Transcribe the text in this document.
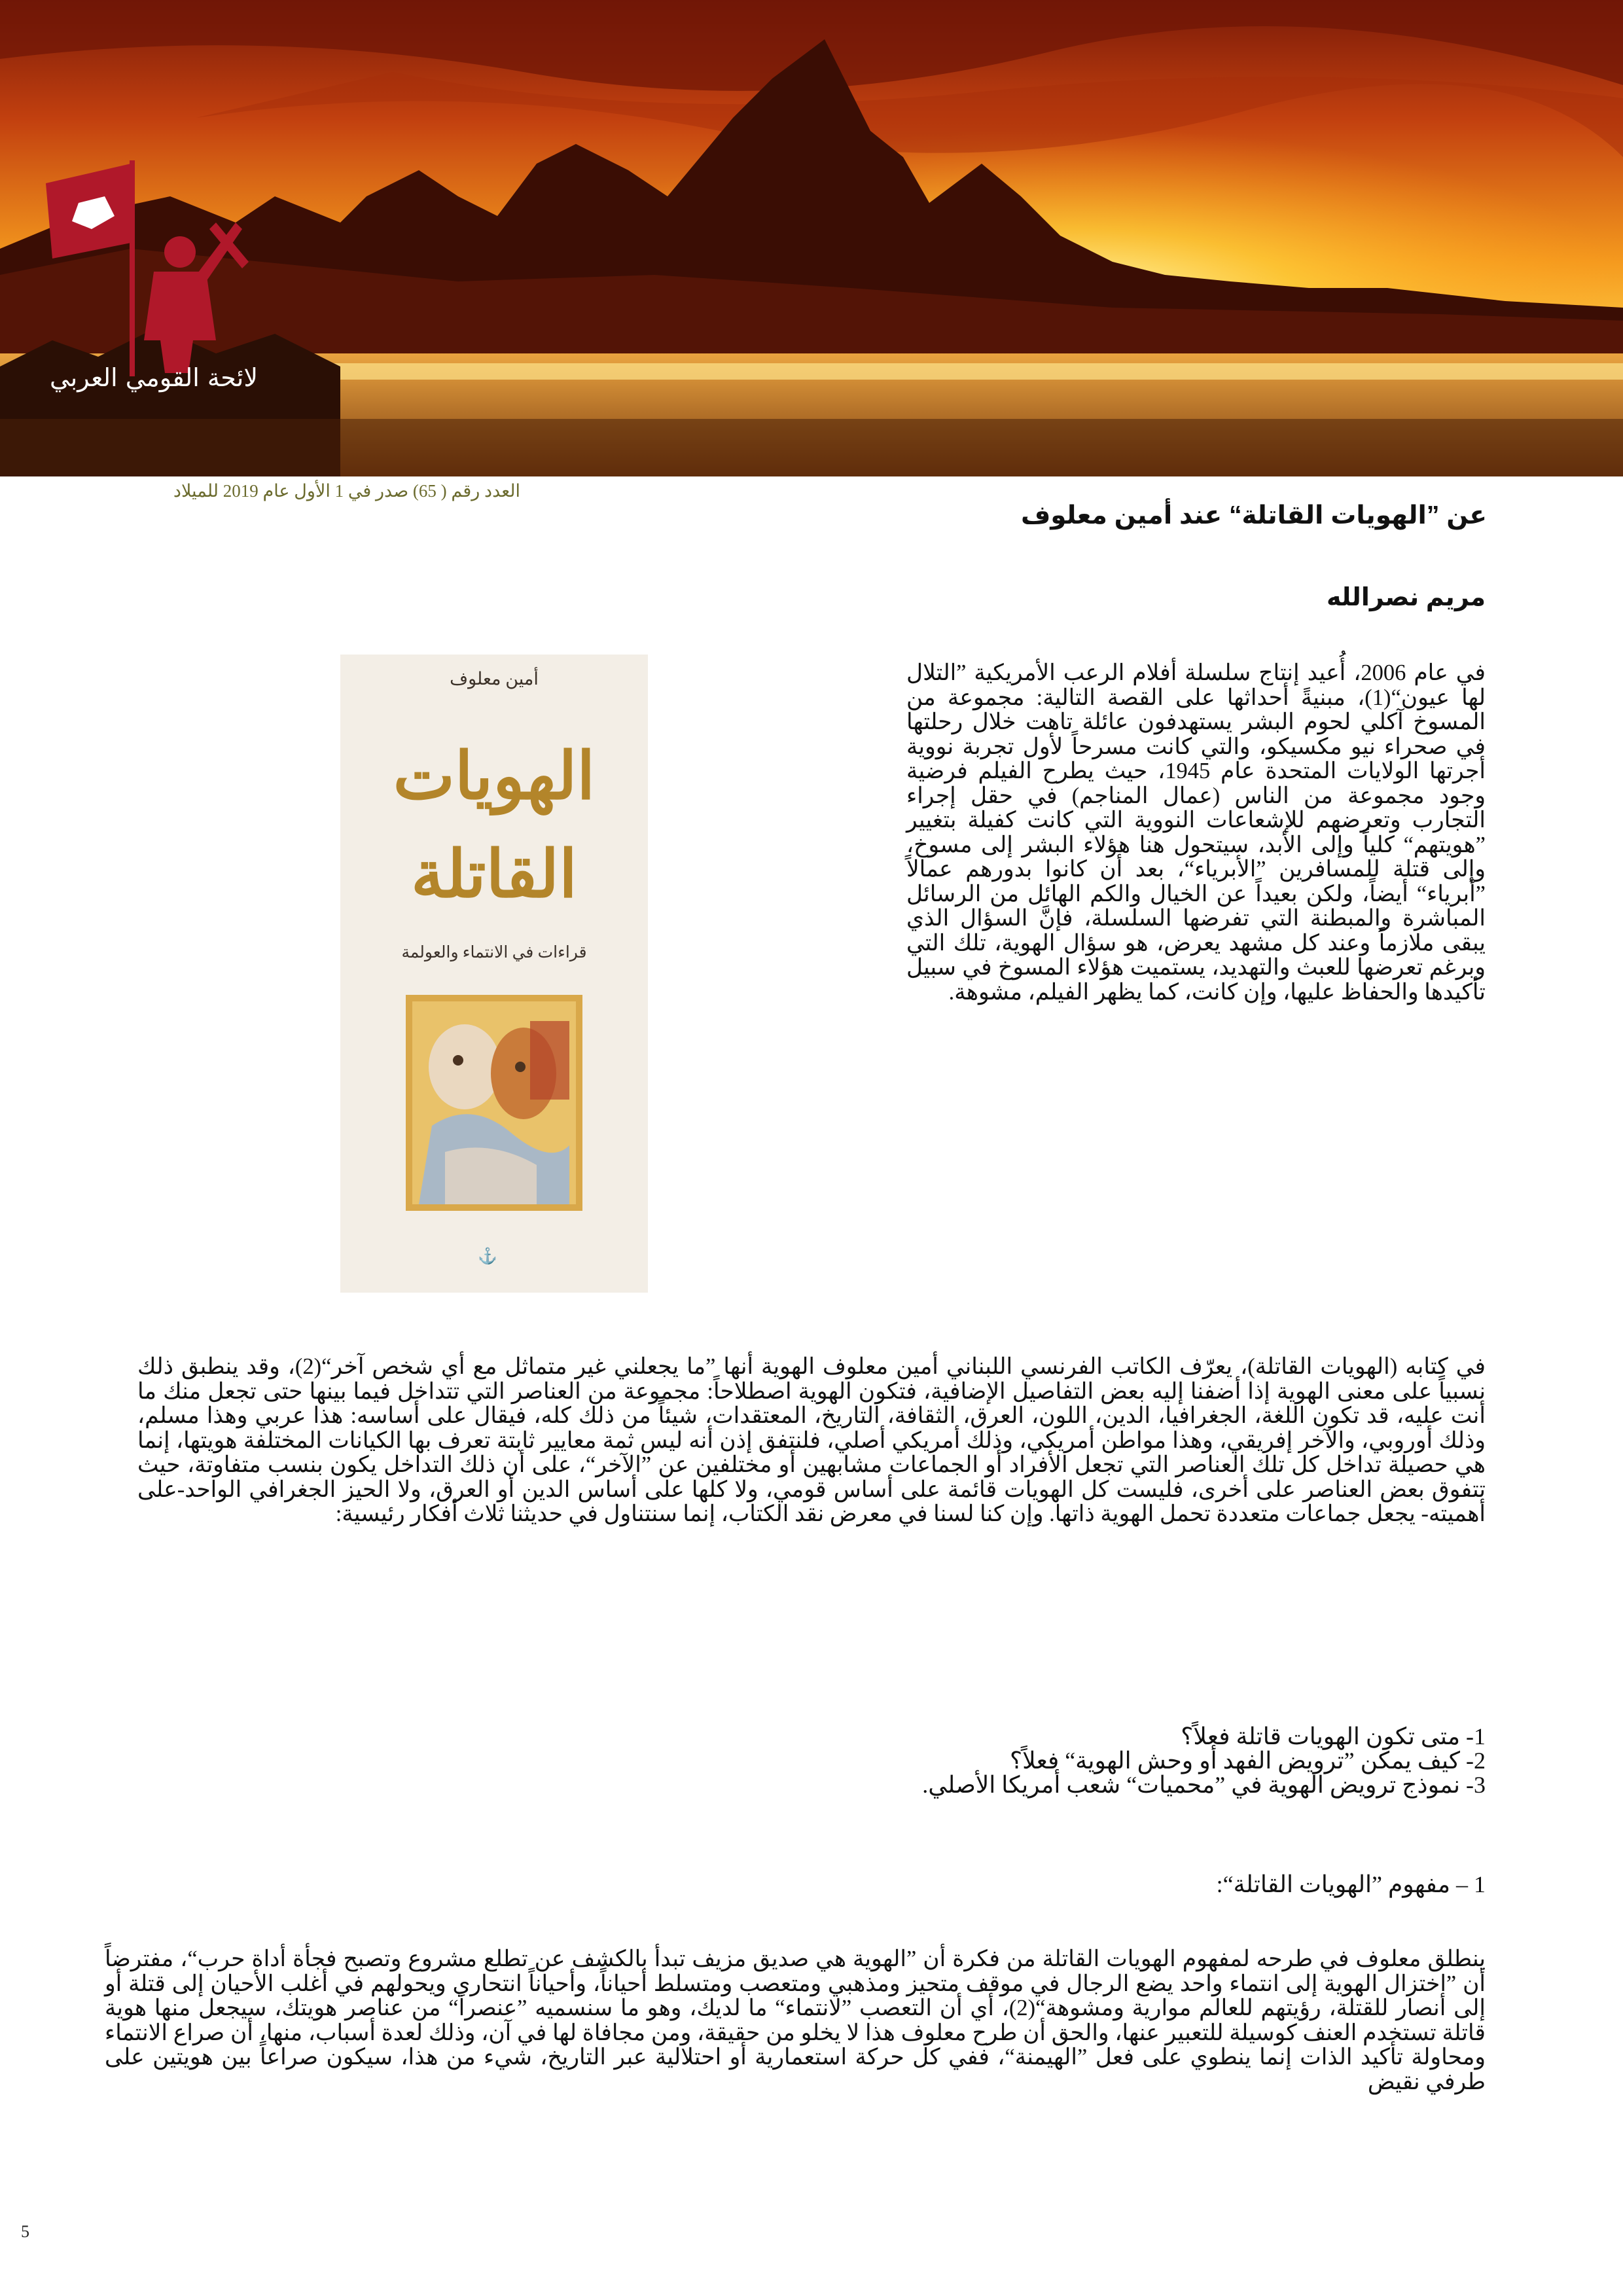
لائحة القومي العربي
العدد رقم ( 65) صدر في 1 الأول عام 2019 للميلاد
عن ”الهويات القاتلة“ عند أمين معلوف
مريم نصرالله
أمين معلوف
الهويات القاتلة
قراءات في الانتماء والعولمة
⚓

في عام 2006، أُعيد إنتاج سلسلة أفلام الرعب الأمريكية ”التلال لها عيون“(1)، مبنيةً أحداثها على القصة التالية: مجموعة من المسوخ آكلي لحوم البشر يستهدفون عائلة تاهت خلال رحلتها في صحراء نيو مكسيكو، والتي كانت مسرحاً لأول تجربة نووية أجرتها الولايات المتحدة عام 1945، حيث يطرح الفيلم فرضية وجود مجموعة من الناس (عمال المناجم) في حقل إجراء التجارب وتعرضهم للإشعاعات النووية التي كانت كفيلة بتغيير ”هويتهم“ كلياً وإلى الأبد، سيتحول هنا هؤلاء البشر إلى مسوخ، وإلى قتلة للمسافرين ”الأبرياء“، بعد أن كانوا بدورهم عمالاً ”أبرياء“ أيضاً، ولكن بعيداً عن الخيال والكم الهائل من الرسائل المباشرة والمبطنة التي تفرضها السلسلة، فإنَّ السؤال الذي يبقى ملازماً وعند كل مشهد يعرض، هو سؤال الهوية، تلك التي وبرغم تعرضها للعبث والتهديد، يستميت هؤلاء المسوخ في سبيل تأكيدها والحفاظ عليها، وإن كانت، كما يظهر الفيلم، مشوهة.

في كتابه (الهويات القاتلة)، يعرّف الكاتب الفرنسي اللبناني أمين معلوف الهوية أنها ”ما يجعلني غير متماثل مع أي شخص آخر“(2)، وقد ينطبق ذلك نسبياً على معنى الهوية إذا أضفنا إليه بعض التفاصيل الإضافية، فتكون الهوية اصطلاحاً: مجموعة من العناصر التي تتداخل فيما بينها حتى تجعل منك ما أنت عليه، قد تكون اللغة، الجغرافيا، الدين، اللون، العرق، الثقافة، التاريخ، المعتقدات، شيئاً من ذلك كله، فيقال على أساسه: هذا عربي وهذا مسلم، وذلك أوروبي، والآخر إفريقي، وهذا مواطن أمريكي، وذلك أمريكي أصلي، فلنتفق إذن أنه ليس ثمة معايير ثابتة تعرف بها الكيانات المختلفة هويتها، إنما هي حصيلة تداخل كل تلك العناصر التي تجعل الأفراد أو الجماعات مشابهين أو مختلفين عن ”الآخر“، على أن ذلك التداخل يكون بنسب متفاوتة، حيث تتفوق بعض العناصر على أخرى، فليست كل الهويات قائمة على أساس قومي، ولا كلها على أساس الدين أو العرق، ولا الحيز الجغرافي الواحد-على أهميته- يجعل جماعات متعددة تحمل الهوية ذاتها. وإن كنا لسنا في معرض نقد الكتاب، إنما سنتناول في حديثنا ثلاث أفكار رئيسية:

1- متى تكون الهويات قاتلة فعلاً؟
2- كيف يمكن ”ترويض الفهد أو وحش الهوية“ فعلاً؟
3- نموذج ترويض الهوية في ”محميات“ شعب أمريكا الأصلي.
1 – مفهوم ”الهويات القاتلة“:

ينطلق معلوف في طرحه لمفهوم الهويات القاتلة من فكرة أن ”الهوية هي صديق مزيف تبدأ بالكشف عن تطلع مشروع وتصبح فجأة أداة حرب“، مفترضاً أن ”اختزال الهوية إلى انتماء واحد يضع الرجال في موقف متحيز ومذهبي ومتعصب ومتسلط أحياناً، وأحياناً انتحاري ويحولهم في أغلب الأحيان إلى قتلة أو إلى أنصار للقتلة، رؤيتهم للعالم موارية ومشوهة“(2)، أي أن التعصب ”لانتماء“ ما لديك، وهو ما سنسميه ”عنصراً“ من عناصر هويتك، سيجعل منها هوية قاتلة تستخدم العنف كوسيلة للتعبير عنها، والحق أن طرح معلوف هذا لا يخلو من حقيقة، ومن مجافاة لها في آن، وذلك لعدة أسباب، منها، أن صراع الانتماء ومحاولة تأكيد الذات إنما ينطوي على فعل ”الهيمنة“، ففي كل حركة استعمارية أو احتلالية عبر التاريخ، شيء من هذا، سيكون صراعاً بين هويتين على طرفي نقيض

5
